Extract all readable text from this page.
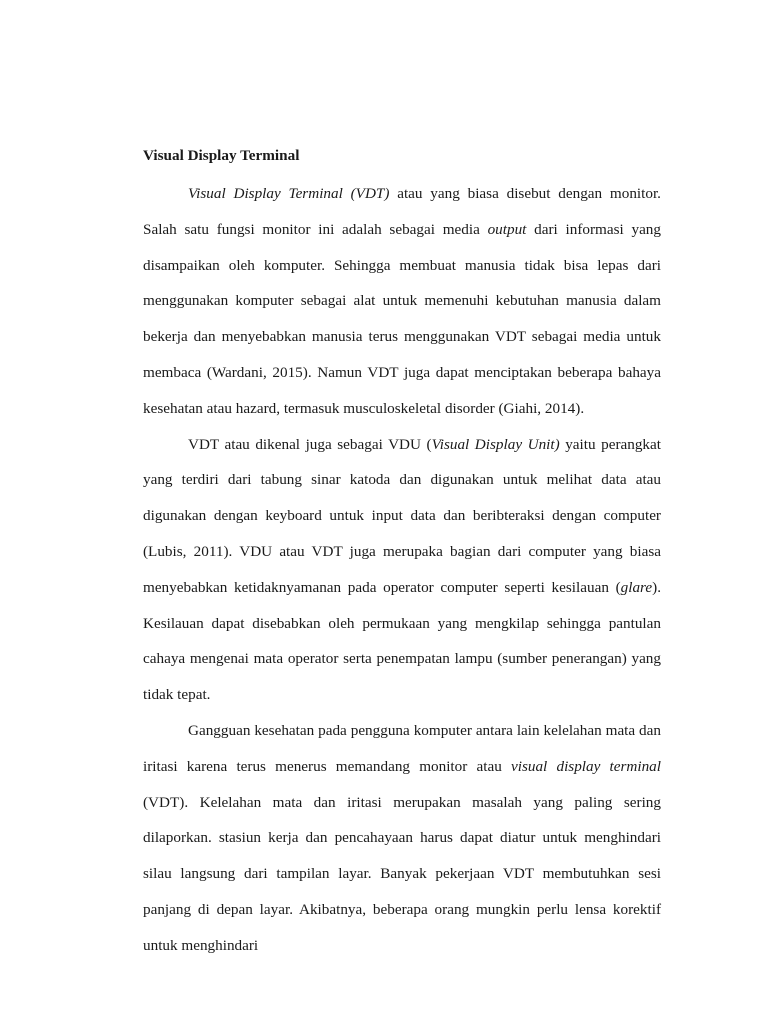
Visual Display Terminal

Visual Display Terminal (VDT) atau yang biasa disebut dengan monitor. Salah satu fungsi monitor ini adalah sebagai media output dari informasi yang disampaikan oleh komputer. Sehingga membuat manusia tidak bisa lepas dari menggunakan komputer sebagai alat untuk memenuhi kebutuhan manusia dalam bekerja dan menyebabkan manusia terus menggunakan VDT sebagai media untuk membaca (Wardani, 2015). Namun VDT juga dapat menciptakan beberapa bahaya kesehatan atau hazard, termasuk musculoskeletal disorder (Giahi, 2014).

VDT atau dikenal juga sebagai VDU (Visual Display Unit) yaitu perangkat yang terdiri dari tabung sinar katoda dan digunakan untuk melihat data atau digunakan dengan keyboard untuk input data dan beribteraksi dengan computer (Lubis, 2011). VDU atau VDT juga merupaka bagian dari computer yang biasa menyebabkan ketidaknyamanan pada operator computer seperti kesilauan (glare). Kesilauan dapat disebabkan oleh permukaan yang mengkilap sehingga pantulan cahaya mengenai mata operator serta penempatan lampu (sumber penerangan) yang tidak tepat.

Gangguan kesehatan pada pengguna komputer antara lain kelelahan mata dan iritasi karena terus menerus memandang monitor atau visual display terminal (VDT). Kelelahan mata dan iritasi merupakan masalah yang paling sering dilaporkan. stasiun kerja dan pencahayaan harus dapat diatur untuk menghindari silau langsung dari tampilan layar. Banyak pekerjaan VDT membutuhkan sesi panjang di depan layar. Akibatnya, beberapa orang mungkin perlu lensa korektif untuk menghindari
